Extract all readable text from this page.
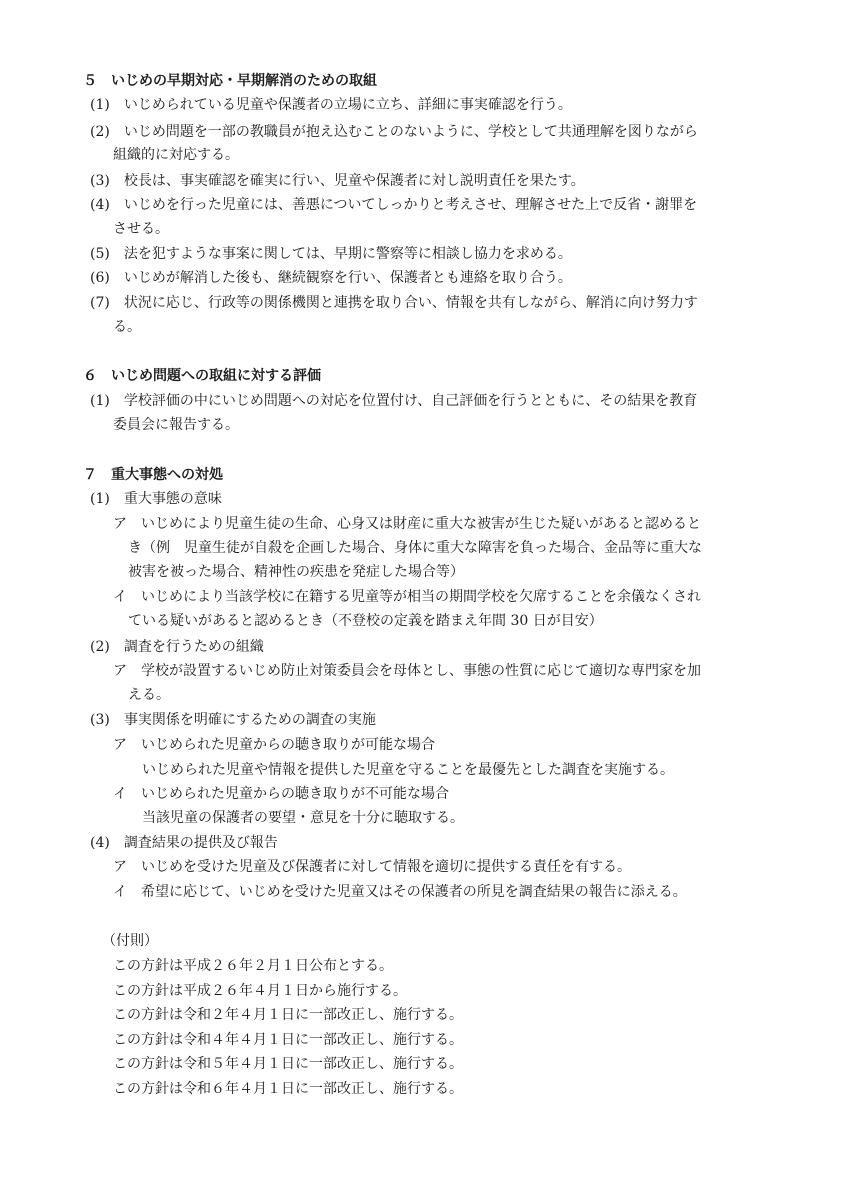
５　いじめの早期対応・早期解消のための取組
(1)　いじめられている児童や保護者の立場に立ち、詳細に事実確認を行う。
(2)　いじめ問題を一部の教職員が抱え込むことのないように、学校として共通理解を図りながら
組織的に対応する。
(3)　校長は、事実確認を確実に行い、児童や保護者に対し説明責任を果たす。
(4)　いじめを行った児童には、善悪についてしっかりと考えさせ、理解させた上で反省・謝罪を
させる。
(5)　法を犯すような事案に関しては、早期に警察等に相談し協力を求める。
(6)　いじめが解消した後も、継続観察を行い、保護者とも連絡を取り合う。
(7)　状況に応じ、行政等の関係機関と連携を取り合い、情報を共有しながら、解消に向け努力す
る。
６　いじめ問題への取組に対する評価
(1)　学校評価の中にいじめ問題への対応を位置付け、自己評価を行うとともに、その結果を教育
委員会に報告する。
７　重大事態への対処
(1)　重大事態の意味
ア　いじめにより児童生徒の生命、心身又は財産に重大な被害が生じた疑いがあると認めると
き（例　児童生徒が自殺を企画した場合、身体に重大な障害を負った場合、金品等に重大な
被害を被った場合、精神性の疾患を発症した場合等）
イ　いじめにより当該学校に在籍する児童等が相当の期間学校を欠席することを余儀なくされ
ている疑いがあると認めるとき（不登校の定義を踏まえ年間 30 日が目安）
(2)　調査を行うための組織
ア　学校が設置するいじめ防止対策委員会を母体とし、事態の性質に応じて適切な専門家を加
える。
(3)　事実関係を明確にするための調査の実施
ア　いじめられた児童からの聴き取りが可能な場合
いじめられた児童や情報を提供した児童を守ることを最優先とした調査を実施する。
イ　いじめられた児童からの聴き取りが不可能な場合
当該児童の保護者の要望・意見を十分に聴取する。
(4)　調査結果の提供及び報告
ア　いじめを受けた児童及び保護者に対して情報を適切に提供する責任を有する。
イ　希望に応じて、いじめを受けた児童又はその保護者の所見を調査結果の報告に添える。
（付則）
この方針は平成２６年２月１日公布とする。
この方針は平成２６年４月１日から施行する。
この方針は令和２年４月１日に一部改正し、施行する。
この方針は令和４年４月１日に一部改正し、施行する。
この方針は令和５年４月１日に一部改正し、施行する。
この方針は令和６年４月１日に一部改正し、施行する。
